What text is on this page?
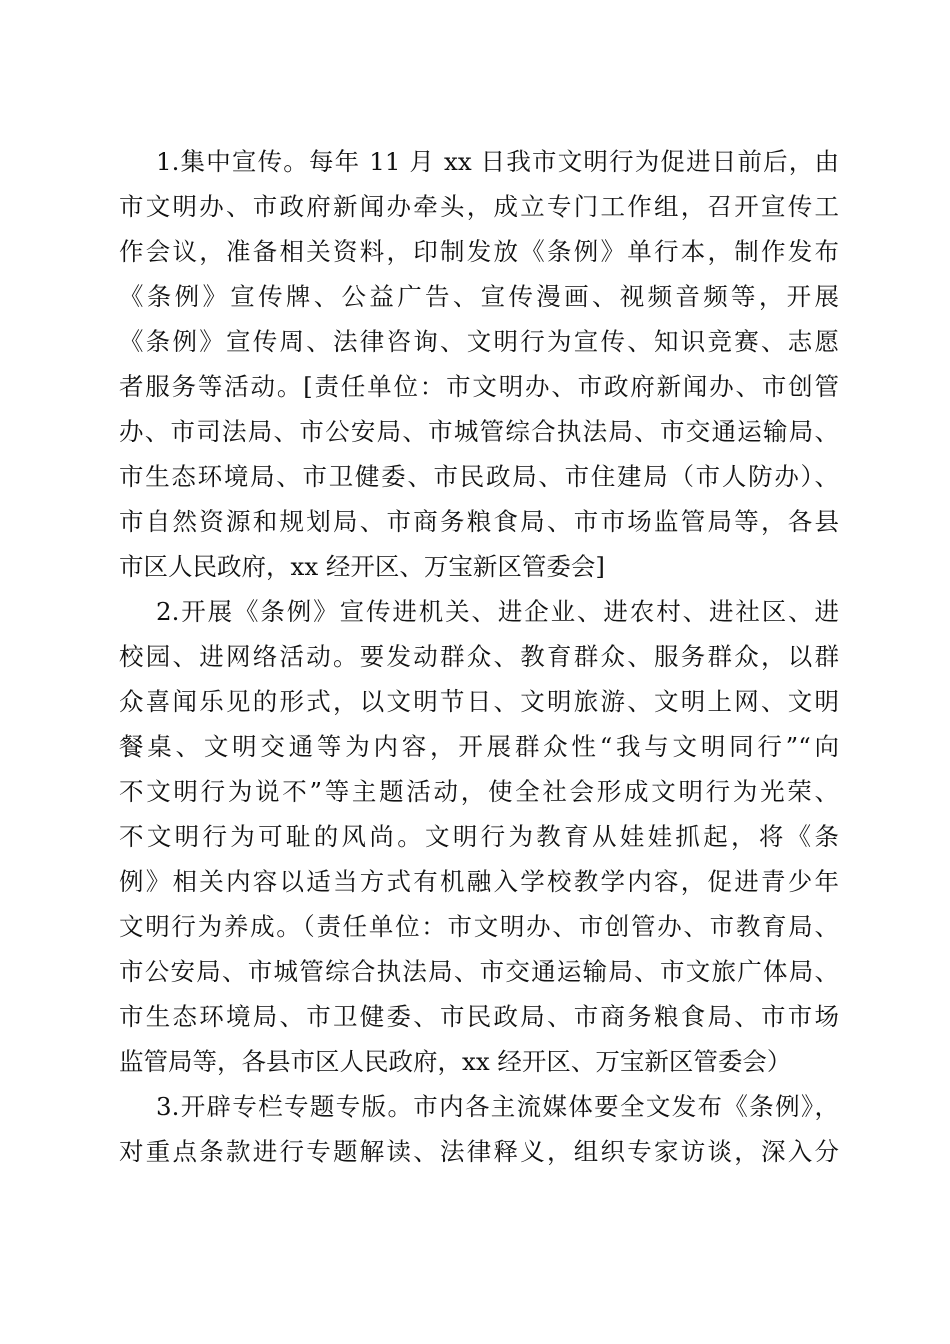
1.集中宣传。每年 11 月 xx 日我市文明行为促进日前后，由
市文明办、市政府新闻办牵头，成立专门工作组，召开宣传工
作会议，准备相关资料，印制发放《条例》单行本，制作发布
《条例》宣传牌、公益广告、宣传漫画、视频音频等，开展
《条例》宣传周、法律咨询、文明行为宣传、知识竞赛、志愿
者服务等活动。[责任单位：市文明办、市政府新闻办、市创管
办、市司法局、市公安局、市城管综合执法局、市交通运输局、
市生态环境局、市卫健委、市民政局、市住建局（市人防办）、
市自然资源和规划局、市商务粮食局、市市场监管局等，各县
市区人民政府，xx 经开区、万宝新区管委会]
2.开展《条例》宣传进机关、进企业、进农村、进社区、进
校园、进网络活动。要发动群众、教育群众、服务群众，以群
众喜闻乐见的形式，以文明节日、文明旅游、文明上网、文明
餐桌、文明交通等为内容，开展群众性“我与文明同行”“向
不文明行为说不”等主题活动，使全社会形成文明行为光荣、
不文明行为可耻的风尚。文明行为教育从娃娃抓起，将《条
例》相关内容以适当方式有机融入学校教学内容，促进青少年
文明行为养成。（责任单位：市文明办、市创管办、市教育局、
市公安局、市城管综合执法局、市交通运输局、市文旅广体局、
市生态环境局、市卫健委、市民政局、市商务粮食局、市市场
监管局等，各县市区人民政府，xx 经开区、万宝新区管委会）
3.开辟专栏专题专版。市内各主流媒体要全文发布《条例》，
对重点条款进行专题解读、法律释义，组织专家访谈，深入分
